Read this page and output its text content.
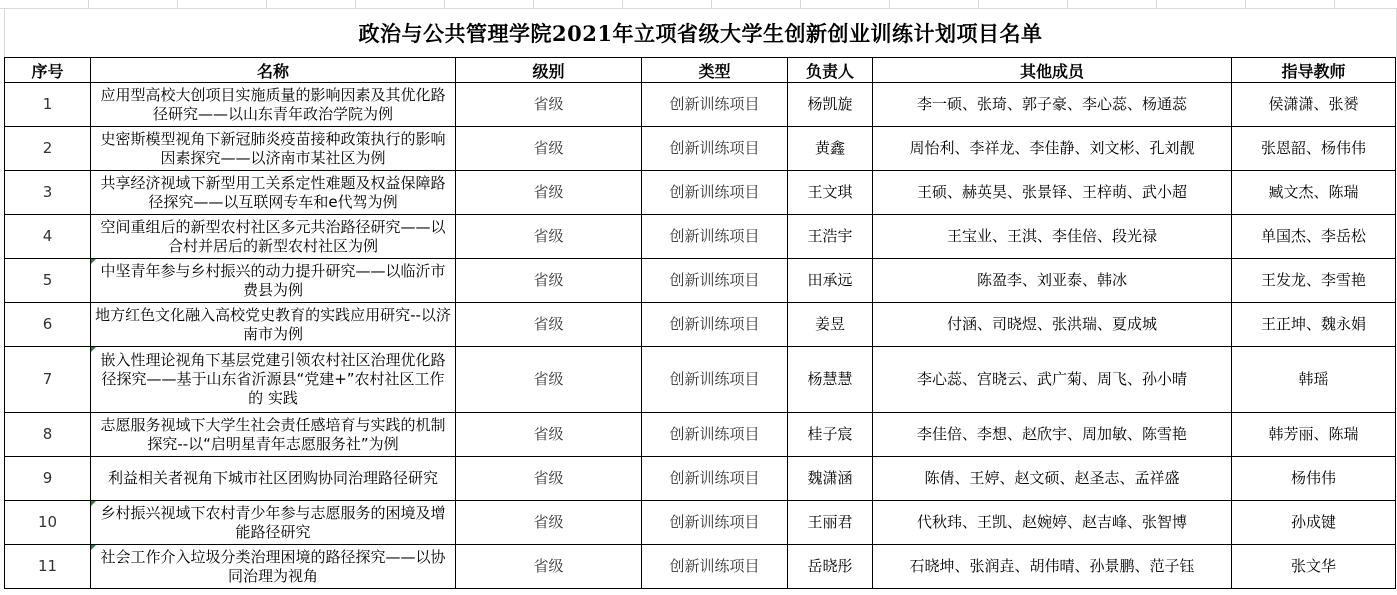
政治与公共管理学院2021年立项省级大学生创新创业训练计划项目名单
序号	名称	级别	类型	负责人	其他成员	指导教师
1	应用型高校大创项目实施质量的影响因素及其优化路径研究——以山东青年政治学院为例	省级	创新训练项目	杨凯旋	李一硕、张琦、郭子豪、李心蕊、杨通蕊	侯潇潇、张赟
2	史密斯模型视角下新冠肺炎疫苗接种政策执行的影响因素探究——以济南市某社区为例	省级	创新训练项目	黄鑫	周怡利、李祥龙、李佳静、刘文彬、孔刘靓	张恩韶、杨伟伟
3	共享经济视域下新型用工关系定性难题及权益保障路径探究——以互联网专车和e代驾为例	省级	创新训练项目	王文琪	王硕、赫英昊、张景铎、王梓萌、武小超	臧文杰、陈瑞
4	空间重组后的新型农村社区多元共治路径研究——以合村并居后的新型农村社区为例	省级	创新训练项目	王浩宇	王宝业、王淇、李佳倍、段光禄	单国杰、李岳松
5	中坚青年参与乡村振兴的动力提升研究——以临沂市费县为例	省级	创新训练项目	田承远	陈盈李、刘亚泰、韩冰	王发龙、李雪艳
6	地方红色文化融入高校党史教育的实践应用研究--以济南市为例	省级	创新训练项目	姜昱	付涵、司晓煜、张洪瑞、夏成城	王正坤、魏永娟
7	嵌入性理论视角下基层党建引领农村社区治理优化路径探究——基于山东省沂源县“党建+”农村社区工作的 实践	省级	创新训练项目	杨慧慧	李心蕊、宫晓云、武广菊、周飞、孙小晴	韩瑶
8	志愿服务视域下大学生社会责任感培育与实践的机制探究--以“启明星青年志愿服务社”为例	省级	创新训练项目	桂子宸	李佳倍、李想、赵欣宇、周加敏、陈雪艳	韩芳丽、陈瑞
9	利益相关者视角下城市社区团购协同治理路径研究	省级	创新训练项目	魏潇涵	陈倩、王婷、赵文硕、赵圣志、孟祥盛	杨伟伟
10	乡村振兴视域下农村青少年参与志愿服务的困境及增能路径研究	省级	创新训练项目	王丽君	代秋玮、王凯、赵婉婷、赵吉峰、张智博	孙成键
11	社会工作介入垃圾分类治理困境的路径探究——以协同治理为视角	省级	创新训练项目	岳晓彤	石晓坤、张润垚、胡伟晴、孙景鹏、范子钰	张文华
